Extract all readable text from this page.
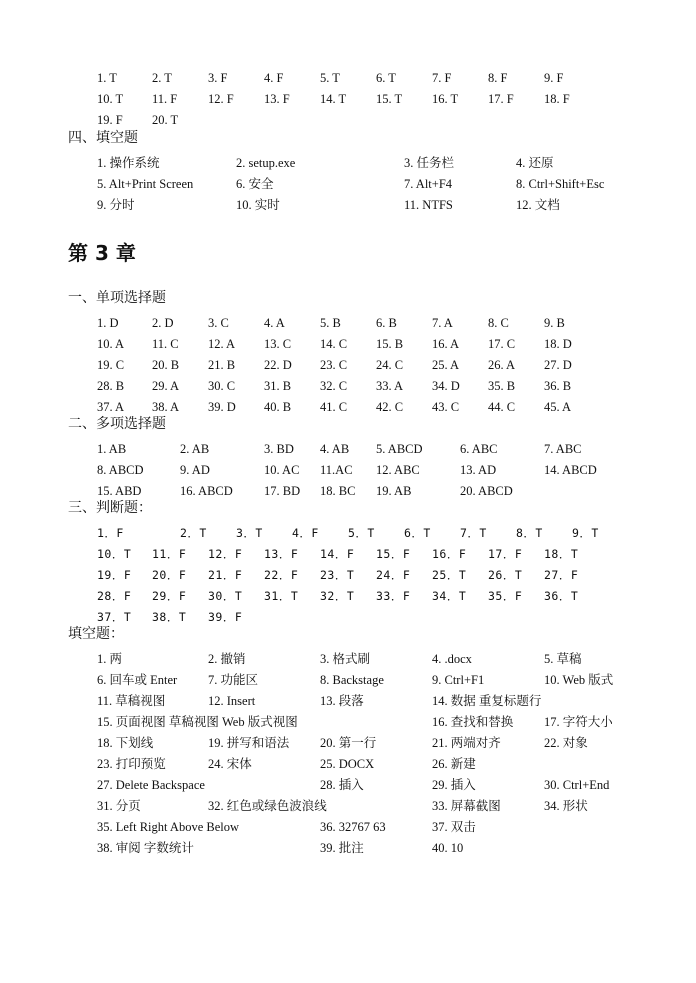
1. T	2. T	3. F	4. F	5. T	6. T	7. F	8. F	9. F
10. T 11. F 12. F 13. F 14. T 15. T 16. T 17. F 18. F
19. F 20. T
四、填空题
1. 操作系统	2. setup.exe	3. 任务栏	4. 还原
5. Alt+Print Screen	6. 安全	7. Alt+F4	8. Ctrl+Shift+Esc
9. 分时	10. 实时	11. NTFS	12. 文档
第 3 章
一、单项选择题
1. D	2. D	3. C	4. A	5. B	6. B	7. A	8. C	9. B
10. A 11. C 12. A 13. C 14. C 15. B 16. A 17. C 18. D
19. C 20. B 21. B 22. D 23. C 24. C 25. A 26. A 27. D
28. B 29. A 30. C 31. B 32. C 33. A 34. D 35. B 36. B
37. A 38. A 39. D 40. B 41. C 42. C 43. C 44. C 45. A
二、多项选择题
1. AB	2. AB	3. BD 4. AB 5. ABCD	6. ABC	7. ABC
8. ABCD	9. AD	10. AC 11.AC 12. ABC	13. AD	14. ABCD
15. ABD	16. ABCD 17. BD 18. BC 19. AB	20. ABCD
三、判断题：
1．F	2．T	3．T	4．F	5．T	6．T	7．T	8．T	9．T
10．T 11．F 12．F 13．F 14．F 15．F 16．F 17．F 18．T
19．F 20．F 21．F 22．F 23．T 24．F 25．T 26．T 27．F
28．F 29．F 30．T 31．T 32．T 33．F 34．T 35．F 36．T
37．T 38．T 39．F
填空题：
1. 两	2. 撤销	3. 格式刷	4. .docx	5. 草稿
6. 回车或 Enter 7. 功能区	8. Backstage	9. Ctrl+F1	10. Web 版式
11. 草稿视图	12. Insert	13. 段落	14. 数据 重复标题行
15. 页面视图 草稿视图 Web 版式视图	16. 查找和替换 17. 字符大小
18. 下划线	19. 拼写和语法 20. 第一行	21. 两端对齐	22. 对象
23. 打印预览	24. 宋体	25. DOCX	26. 新建
27. Delete Backspace	28. 插入	29. 插入	30. Ctrl+End
31. 分页	32. 红色或绿色波浪线	33. 屏幕截图	34. 形状
35. Left Right Above Below	36. 32767 63	37. 双击
38. 审阅 字数统计	39. 批注	40. 10
